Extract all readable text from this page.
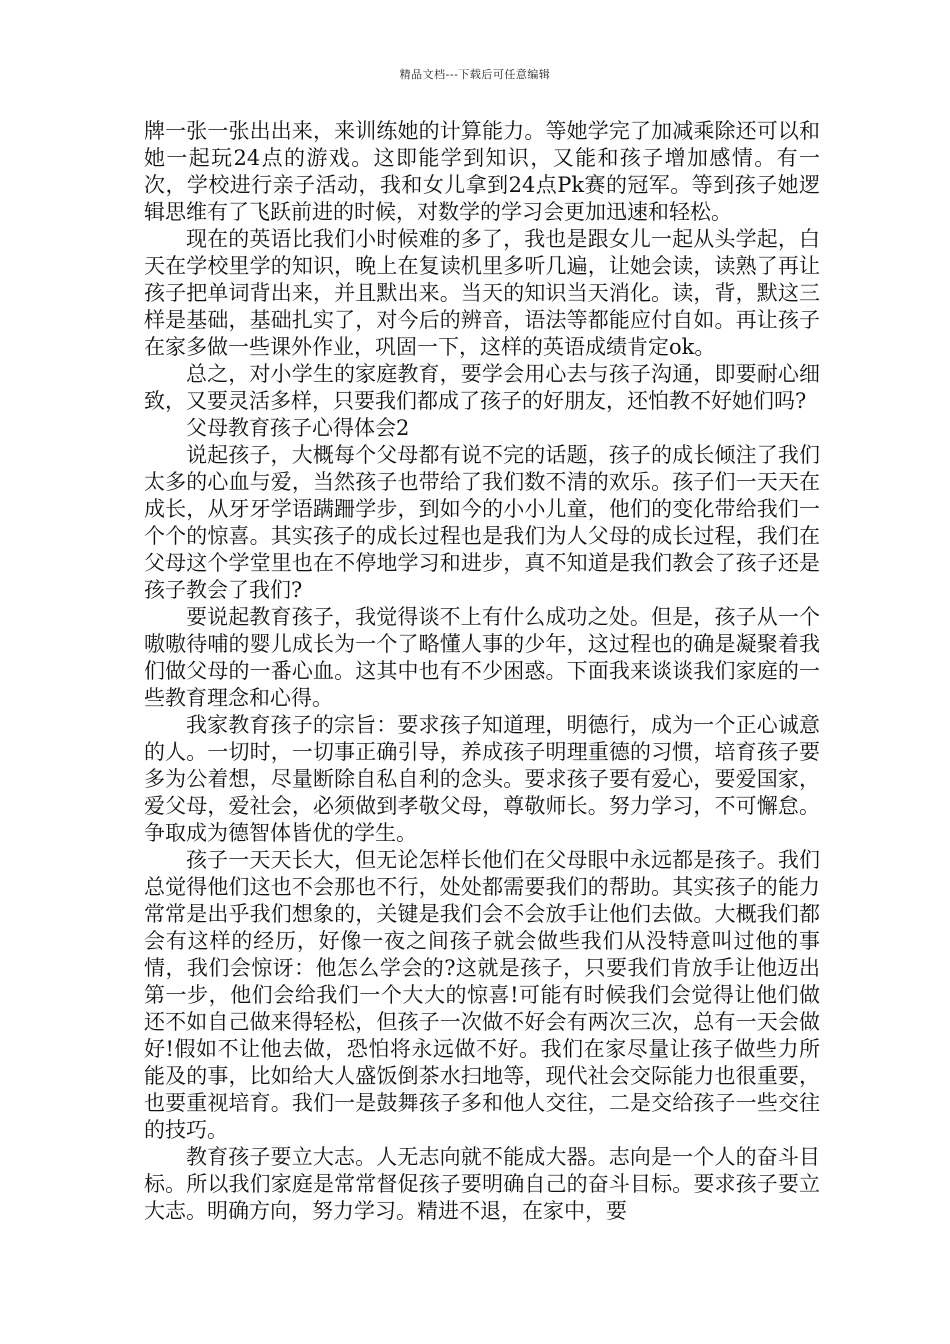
精品文档---下载后可任意编辑

牌一张一张出出来，来训练她的计算能力。等她学完了加减乘除还可以和她一起玩24点的游戏。这即能学到知识，又能和孩子增加感情。有一次，学校进行亲子活动，我和女儿拿到24点Pk赛的冠军。等到孩子她逻辑思维有了飞跃前进的时候，对数学的学习会更加迅速和轻松。

现在的英语比我们小时候难的多了，我也是跟女儿一起从头学起，白天在学校里学的知识，晚上在复读机里多听几遍，让她会读，读熟了再让孩子把单词背出来，并且默出来。当天的知识当天消化。读，背，默这三样是基础，基础扎实了，对今后的辨音，语法等都能应付自如。再让孩子在家多做一些课外作业，巩固一下，这样的英语成绩肯定ok。

总之，对小学生的家庭教育，要学会用心去与孩子沟通，即要耐心细致，又要灵活多样，只要我们都成了孩子的好朋友，还怕教不好她们吗?

父母教育孩子心得体会2

说起孩子，大概每个父母都有说不完的话题，孩子的成长倾注了我们太多的心血与爱，当然孩子也带给了我们数不清的欢乐。孩子们一天天在成长，从牙牙学语蹒跚学步，到如今的小小儿童，他们的变化带给我们一个个的惊喜。其实孩子的成长过程也是我们为人父母的成长过程，我们在父母这个学堂里也在不停地学习和进步，真不知道是我们教会了孩子还是孩子教会了我们?

要说起教育孩子，我觉得谈不上有什么成功之处。但是，孩子从一个嗷嗷待哺的婴儿成长为一个了略懂人事的少年，这过程也的确是凝聚着我们做父母的一番心血。这其中也有不少困惑。下面我来谈谈我们家庭的一些教育理念和心得。

我家教育孩子的宗旨：要求孩子知道理，明德行，成为一个正心诚意的人。一切时，一切事正确引导，养成孩子明理重德的习惯，培育孩子要多为公着想，尽量断除自私自利的念头。要求孩子要有爱心，要爱国家，爱父母，爱社会，必须做到孝敬父母，尊敬师长。努力学习，不可懈怠。争取成为德智体皆优的学生。

孩子一天天长大，但无论怎样长他们在父母眼中永远都是孩子。我们总觉得他们这也不会那也不行，处处都需要我们的帮助。其实孩子的能力常常是出乎我们想象的，关键是我们会不会放手让他们去做。大概我们都会有这样的经历，好像一夜之间孩子就会做些我们从没特意叫过他的事情，我们会惊讶：他怎么学会的?这就是孩子，只要我们肯放手让他迈出第一步，他们会给我们一个大大的惊喜!可能有时候我们会觉得让他们做还不如自己做来得轻松，但孩子一次做不好会有两次三次，总有一天会做好!假如不让他去做，恐怕将永远做不好。我们在家尽量让孩子做些力所能及的事，比如给大人盛饭倒茶水扫地等，现代社会交际能力也很重要，也要重视培育。我们一是鼓舞孩子多和他人交往，二是交给孩子一些交往的技巧。

教育孩子要立大志。人无志向就不能成大器。志向是一个人的奋斗目标。所以我们家庭是常常督促孩子要明确自己的奋斗目标。要求孩子要立大志。明确方向，努力学习。精进不退，在家中，要
